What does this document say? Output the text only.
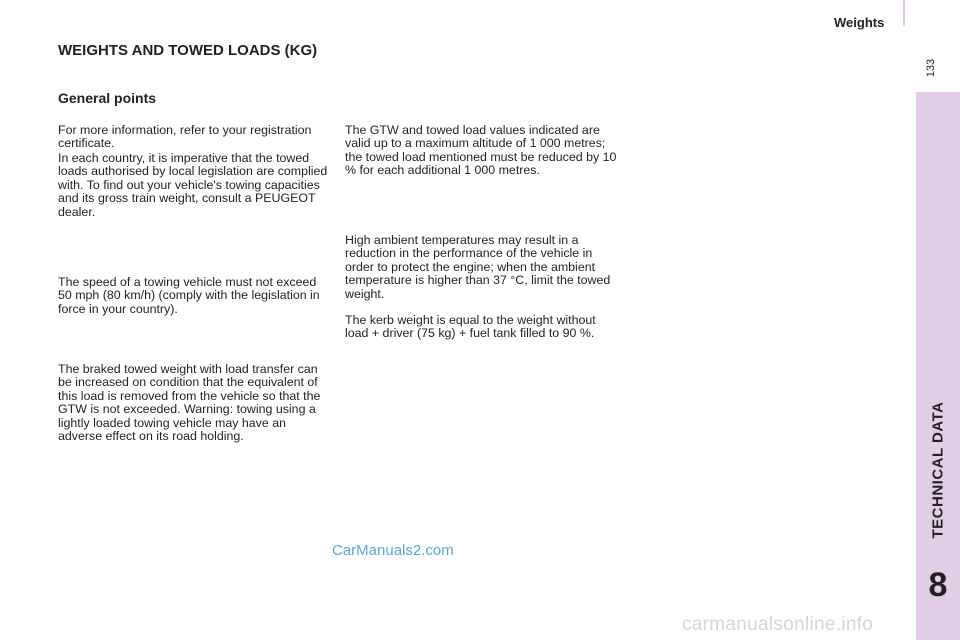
Weights
133
TECHNICAL DATA
8
WEIGHTS AND TOWED LOADS (KG)
General points

For more information, refer to your registration certificate.

In each country, it is imperative that the towed loads authorised by local legislation are complied with. To find out your vehicle's towing capacities and its gross train weight, consult a PEUGEOT dealer.

The speed of a towing vehicle must not exceed 50 mph (80 km/h) (comply with the legislation in force in your country).

The braked towed weight with load transfer can be increased on condition that the equivalent of this load is removed from the vehicle so that the GTW is not exceeded. Warning: towing using a lightly loaded towing vehicle may have an adverse effect on its road holding.

The GTW and towed load values indicated are valid up to a maximum altitude of 1 000 metres; the towed load mentioned must be reduced by 10 % for each additional 1 000 metres.

High ambient temperatures may result in a reduction in the performance of the vehicle in order to protect the engine; when the ambient temperature is higher than 37 °C, limit the towed weight.

The kerb weight is equal to the weight without load + driver (75 kg) + fuel tank filled to 90 %.

CarManuals2.com
carmanualsonline.info
